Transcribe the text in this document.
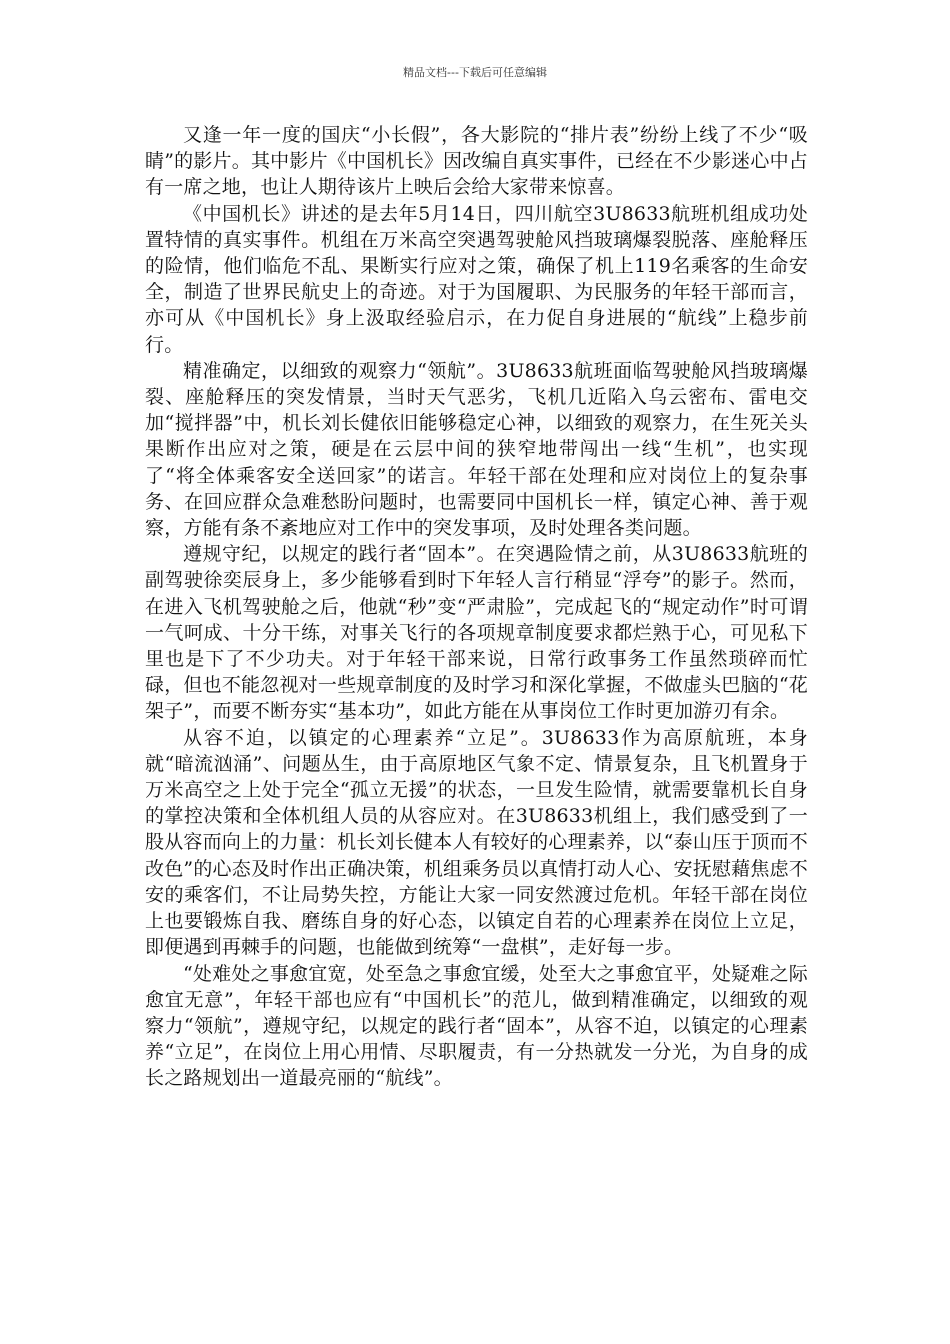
精品文档---下载后可任意编辑

又逢一年一度的国庆“小长假”，各大影院的“排片表”纷纷上线了不少“吸睛”的影片。其中影片《中国机长》因改编自真实事件，已经在不少影迷心中占有一席之地，也让人期待该片上映后会给大家带来惊喜。

《中国机长》讲述的是去年5月14日，四川航空3U8633航班机组成功处置特情的真实事件。机组在万米高空突遇驾驶舱风挡玻璃爆裂脱落、座舱释压的险情，他们临危不乱、果断实行应对之策，确保了机上119名乘客的生命安全，制造了世界民航史上的奇迹。对于为国履职、为民服务的年轻干部而言，亦可从《中国机长》身上汲取经验启示，在力促自身进展的“航线”上稳步前行。

精准确定，以细致的观察力“领航”。3U8633航班面临驾驶舱风挡玻璃爆裂、座舱释压的突发情景，当时天气恶劣，飞机几近陷入乌云密布、雷电交加“搅拌器”中，机长刘长健依旧能够稳定心神，以细致的观察力，在生死关头果断作出应对之策，硬是在云层中间的狭窄地带闯出一线“生机”，也实现了“将全体乘客安全送回家”的诺言。年轻干部在处理和应对岗位上的复杂事务、在回应群众急难愁盼问题时，也需要同中国机长一样，镇定心神、善于观察，方能有条不紊地应对工作中的突发事项，及时处理各类问题。

遵规守纪，以规定的践行者“固本”。在突遇险情之前，从3U8633航班的副驾驶徐奕辰身上，多少能够看到时下年轻人言行稍显“浮夸”的影子。然而，在进入飞机驾驶舱之后，他就“秒”变“严肃脸”，完成起飞的“规定动作”时可谓一气呵成、十分干练，对事关飞行的各项规章制度要求都烂熟于心，可见私下里也是下了不少功夫。对于年轻干部来说，日常行政事务工作虽然琐碎而忙碌，但也不能忽视对一些规章制度的及时学习和深化掌握，不做虚头巴脑的“花架子”，而要不断夯实“基本功”，如此方能在从事岗位工作时更加游刃有余。

从容不迫，以镇定的心理素养“立足”。3U8633作为高原航班，本身就“暗流汹涌”、问题丛生，由于高原地区气象不定、情景复杂，且飞机置身于万米高空之上处于完全“孤立无援”的状态，一旦发生险情，就需要靠机长自身的掌控决策和全体机组人员的从容应对。在3U8633机组上，我们感受到了一股从容而向上的力量：机长刘长健本人有较好的心理素养，以“泰山压于顶而不改色”的心态及时作出正确决策，机组乘务员以真情打动人心、安抚慰藉焦虑不安的乘客们，不让局势失控，方能让大家一同安然渡过危机。年轻干部在岗位上也要锻炼自我、磨练自身的好心态，以镇定自若的心理素养在岗位上立足，即便遇到再棘手的问题，也能做到统筹“一盘棋”，走好每一步。

“处难处之事愈宜宽，处至急之事愈宜缓，处至大之事愈宜平，处疑难之际愈宜无意”，年轻干部也应有“中国机长”的范儿，做到精准确定，以细致的观察力“领航”，遵规守纪，以规定的践行者“固本”，从容不迫，以镇定的心理素养“立足”，在岗位上用心用情、尽职履责，有一分热就发一分光，为自身的成长之路规划出一道最亮丽的“航线”。
